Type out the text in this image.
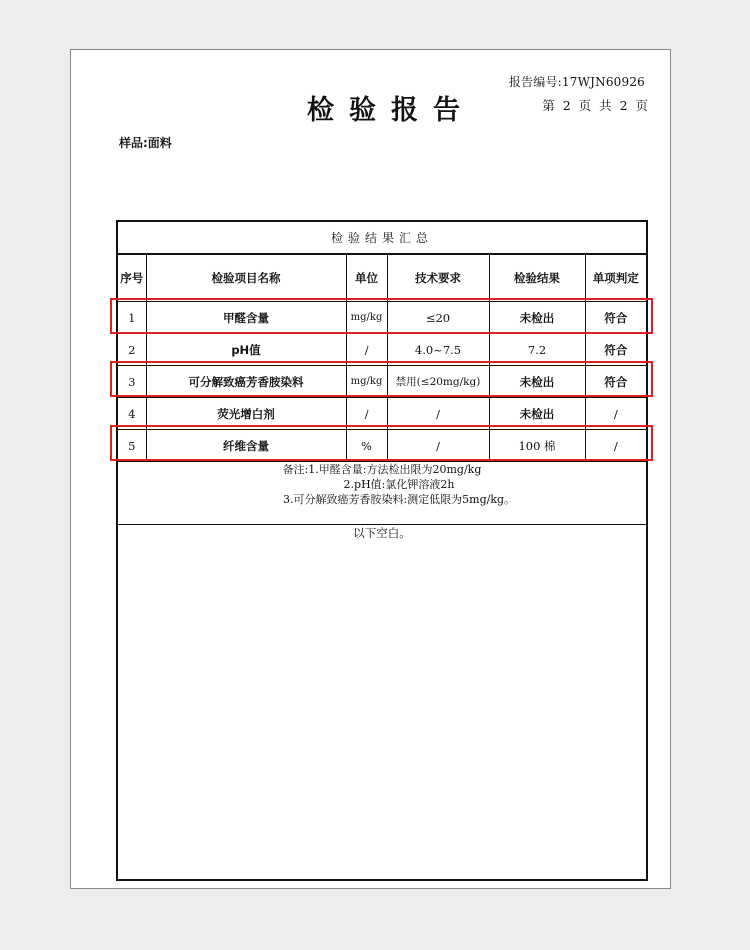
报告编号:17WJN60926
检验报告	第 2 页 共 2 页
样品:面料
检验结果汇总					
序号	检验项目名称	单位	技术要求	检验结果	单项判定
1	甲醛含量	mg/kg	≤20	未检出	符合
2	pH值	/	4.0~7.5	7.2	符合
3	可分解致癌芳香胺染料	mg/kg	禁用(≤20mg/kg)	未检出	符合
4	荧光增白剂	/	/	未检出	/
5	纤维含量	%	/	100 棉	/

备注:1.甲醛含量:方法检出限为20mg/kg
2.pH值:氯化钾溶液2h
3.可分解致癌芳香胺染料:测定低限为5mg/kg。					

以下空白。					
